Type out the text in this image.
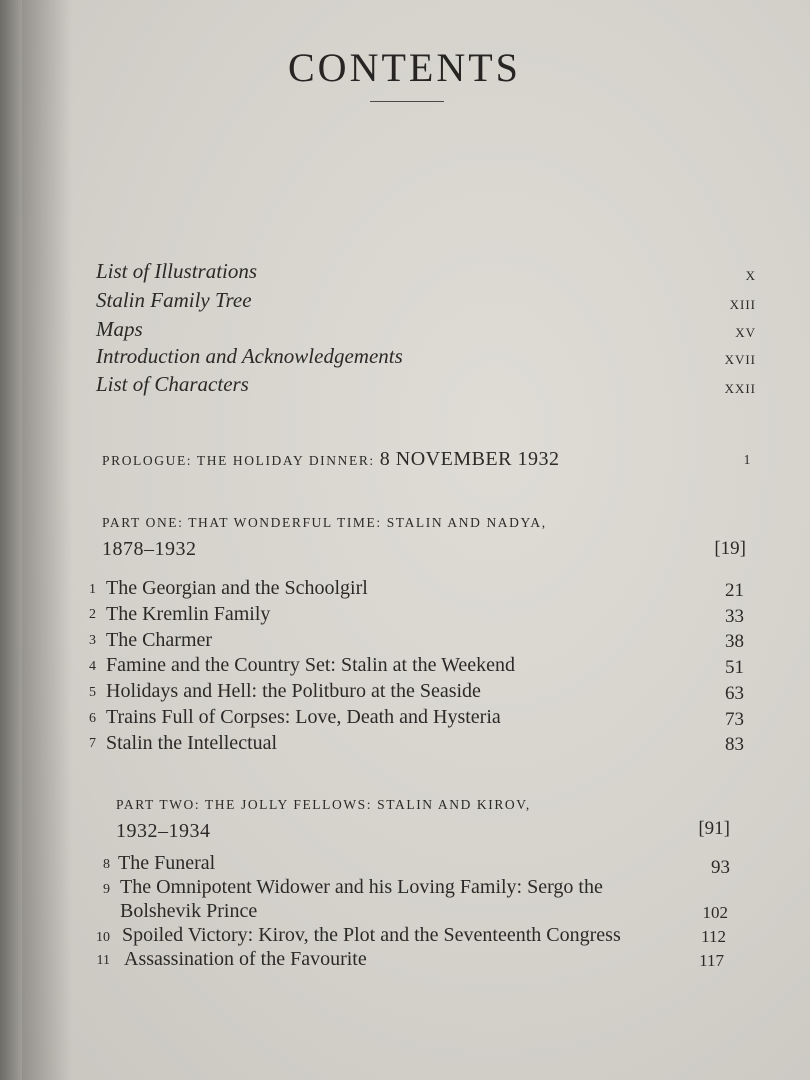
CONTENTS
List of Illustrations	X
Stalin Family Tree	XIII
Maps	XV
Introduction and Acknowledgements	XVII
List of Characters	XXII
PROLOGUE: THE HOLIDAY DINNER: 8 NOVEMBER 1932	1
PART ONE: THAT WONDERFUL TIME: STALIN AND NADYA,
1878–1932	[19]
1 The Georgian and the Schoolgirl	21
2 The Kremlin Family	33
3 The Charmer	38
4 Famine and the Country Set: Stalin at the Weekend	51
5 Holidays and Hell: the Politburo at the Seaside	63
6 Trains Full of Corpses: Love, Death and Hysteria	73
7 Stalin the Intellectual	83
PART TWO: THE JOLLY FELLOWS: STALIN AND KIROV,
1932–1934	[91]
8 The Funeral	93
9 The Omnipotent Widower and his Loving Family: Sergo the
Bolshevik Prince	102
10 Spoiled Victory: Kirov, the Plot and the Seventeenth Congress	112
11 Assassination of the Favourite	117
